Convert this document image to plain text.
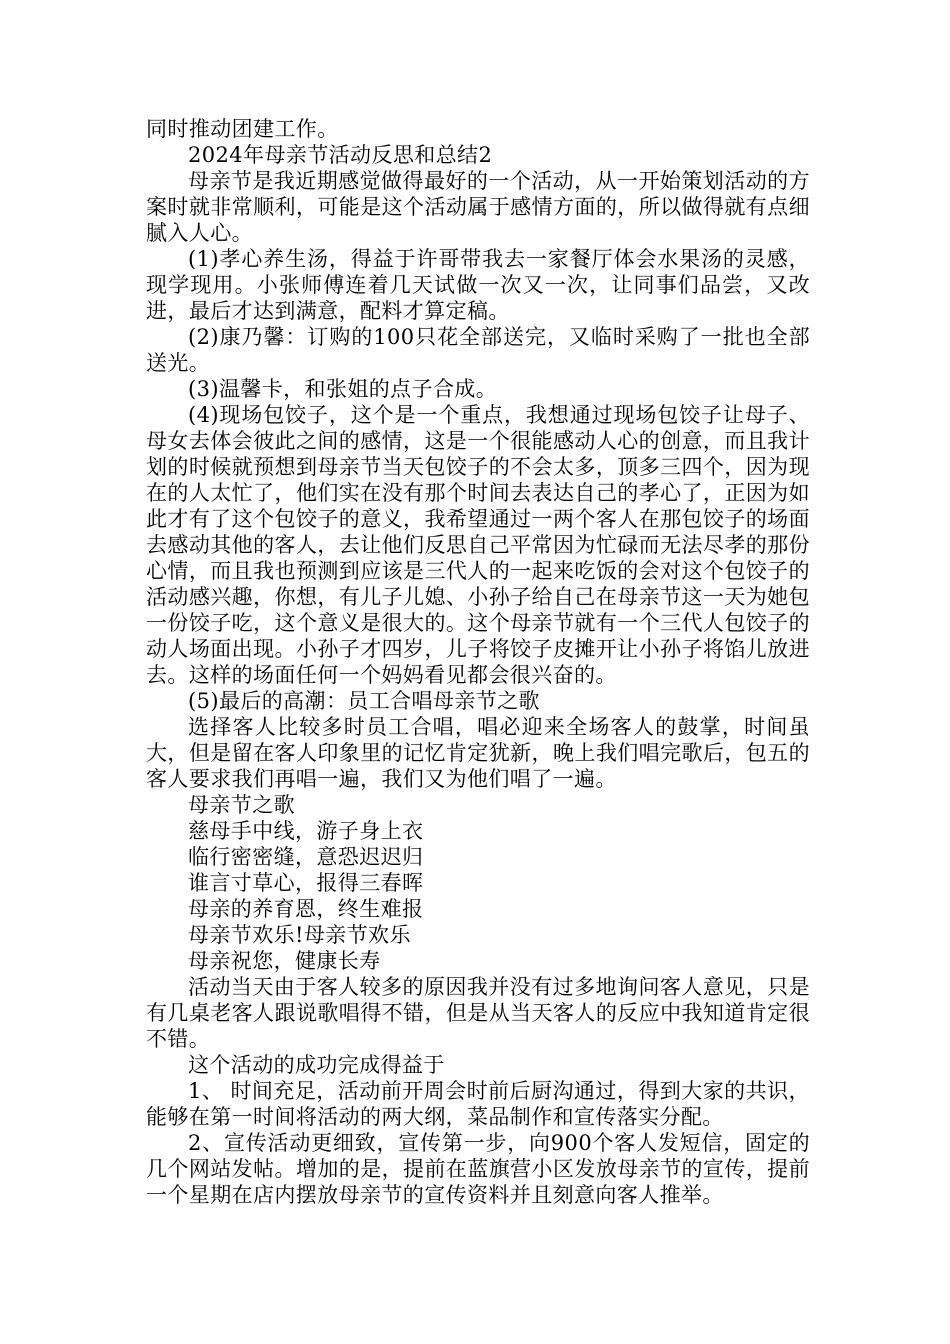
同时推动团建工作。

2024年母亲节活动反思和总结2

母亲节是我近期感觉做得最好的一个活动，从一开始策划活动的方案时就非常顺利，可能是这个活动属于感情方面的，所以做得就有点细腻入人心。

(1)孝心养生汤，得益于许哥带我去一家餐厅体会水果汤的灵感，现学现用。小张师傅连着几天试做一次又一次，让同事们品尝，又改进，最后才达到满意，配料才算定稿。

(2)康乃馨：订购的100只花全部送完，又临时采购了一批也全部送光。

(3)温馨卡，和张姐的点子合成。

(4)现场包饺子，这个是一个重点，我想通过现场包饺子让母子、母女去体会彼此之间的感情，这是一个很能感动人心的创意，而且我计划的时候就预想到母亲节当天包饺子的不会太多，顶多三四个，因为现在的人太忙了，他们实在没有那个时间去表达自己的孝心了，正因为如此才有了这个包饺子的意义，我希望通过一两个客人在那包饺子的场面去感动其他的客人，去让他们反思自己平常因为忙碌而无法尽孝的那份心情，而且我也预测到应该是三代人的一起来吃饭的会对这个包饺子的活动感兴趣，你想，有儿子儿媳、小孙子给自己在母亲节这一天为她包一份饺子吃，这个意义是很大的。这个母亲节就有一个三代人包饺子的动人场面出现。小孙子才四岁，儿子将饺子皮摊开让小孙子将馅儿放进去。这样的场面任何一个妈妈看见都会很兴奋的。

(5)最后的高潮：员工合唱母亲节之歌

选择客人比较多时员工合唱，唱必迎来全场客人的鼓掌，时间虽大，但是留在客人印象里的记忆肯定犹新，晚上我们唱完歌后，包五的客人要求我们再唱一遍，我们又为他们唱了一遍。

母亲节之歌

慈母手中线，游子身上衣

临行密密缝，意恐迟迟归

谁言寸草心，报得三春晖

母亲的养育恩，终生难报

母亲节欢乐!母亲节欢乐

母亲祝您，健康长寿

活动当天由于客人较多的原因我并没有过多地询问客人意见，只是有几桌老客人跟说歌唱得不错，但是从当天客人的反应中我知道肯定很不错。

这个活动的成功完成得益于

1、 时间充足，活动前开周会时前后厨沟通过，得到大家的共识，能够在第一时间将活动的两大纲，菜品制作和宣传落实分配。

2、宣传活动更细致，宣传第一步，向900个客人发短信，固定的几个网站发帖。增加的是，提前在蓝旗营小区发放母亲节的宣传，提前一个星期在店内摆放母亲节的宣传资料并且刻意向客人推举。
